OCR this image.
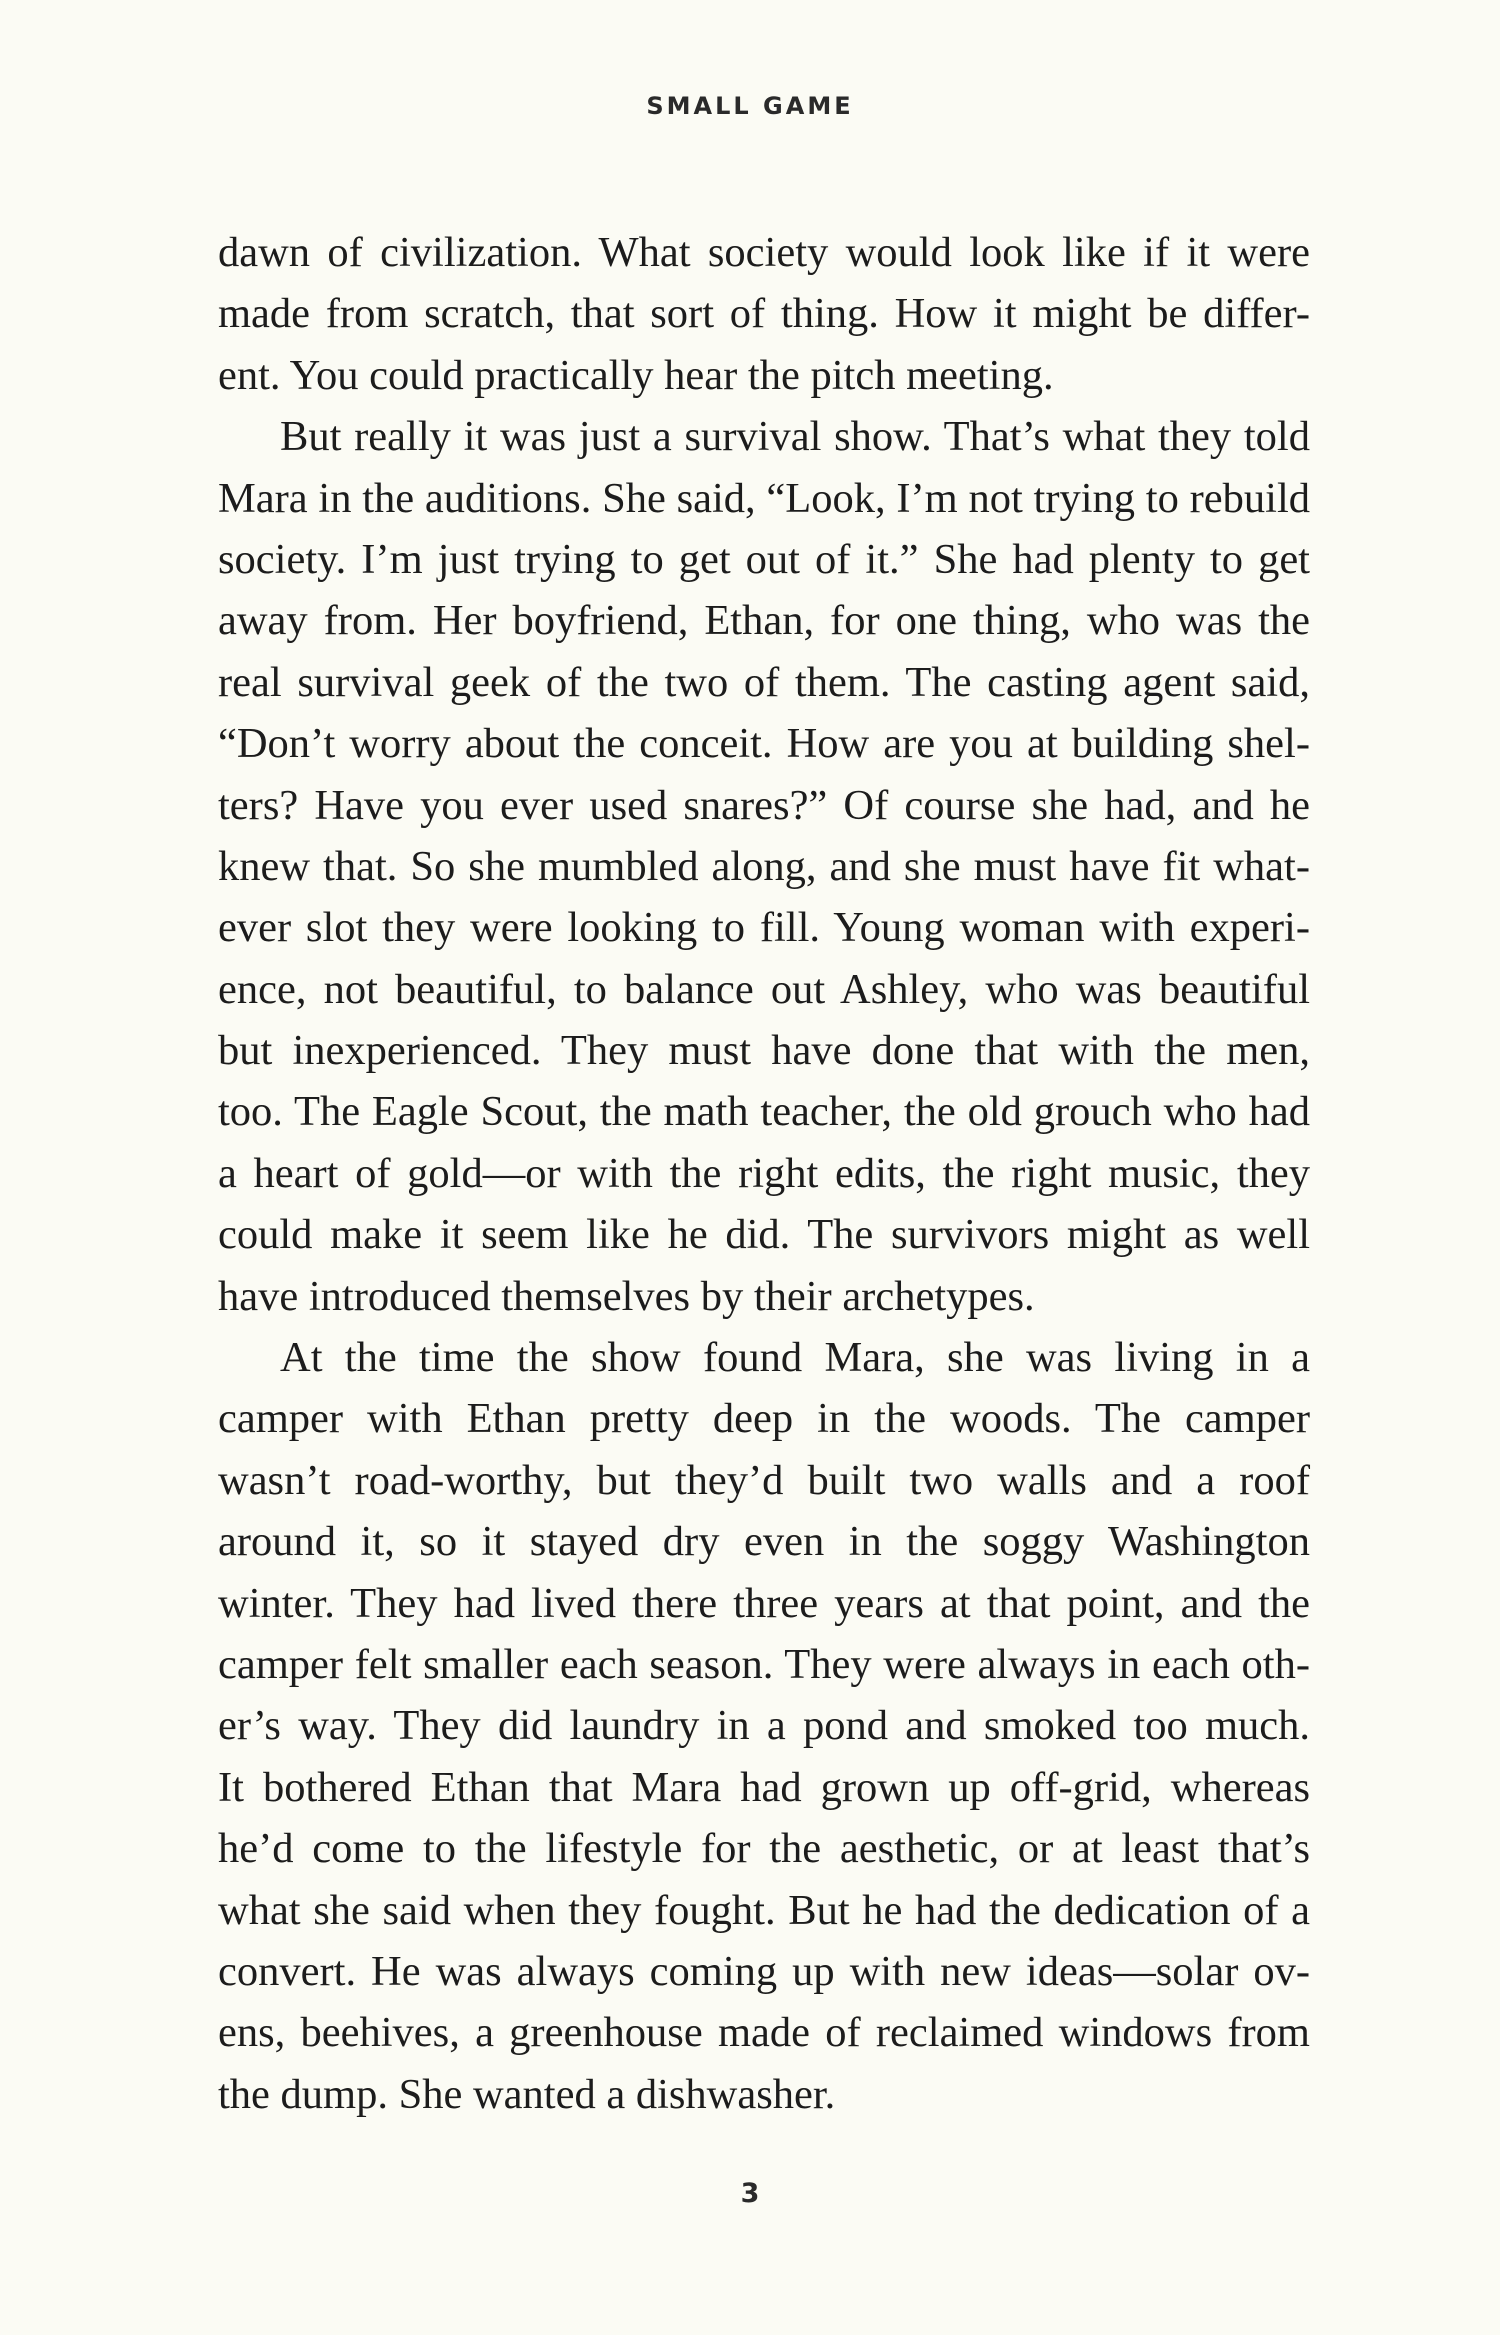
SMALL GAME
dawn of civilization. What society would look like if it were
made from scratch, that sort of thing. How it might be differ-
ent. You could practically hear the pitch meeting.
But really it was just a survival show. That’s what they told
Mara in the auditions. She said, “Look, I’m not trying to rebuild
society. I’m just trying to get out of it.” She had plenty to get
away from. Her boyfriend, Ethan, for one thing, who was the
real survival geek of the two of them. The casting agent said,
“Don’t worry about the conceit. How are you at building shel-
ters? Have you ever used snares?” Of course she had, and he
knew that. So she mumbled along, and she must have fit what-
ever slot they were looking to fill. Young woman with experi-
ence, not beautiful, to balance out Ashley, who was beautiful
but inexperienced. They must have done that with the men,
too. The Eagle Scout, the math teacher, the old grouch who had
a heart of gold—or with the right edits, the right music, they
could make it seem like he did. The survivors might as well
have introduced themselves by their archetypes.
At the time the show found Mara, she was living in a
camper with Ethan pretty deep in the woods. The camper
wasn’t road-worthy, but they’d built two walls and a roof
around it, so it stayed dry even in the soggy Washington
winter. They had lived there three years at that point, and the
camper felt smaller each season. They were always in each oth-
er’s way. They did laundry in a pond and smoked too much.
It bothered Ethan that Mara had grown up off-grid, whereas
he’d come to the lifestyle for the aesthetic, or at least that’s
what she said when they fought. But he had the dedication of a
convert. He was always coming up with new ideas—solar ov-
ens, beehives, a greenhouse made of reclaimed windows from
the dump. She wanted a dishwasher.
3
